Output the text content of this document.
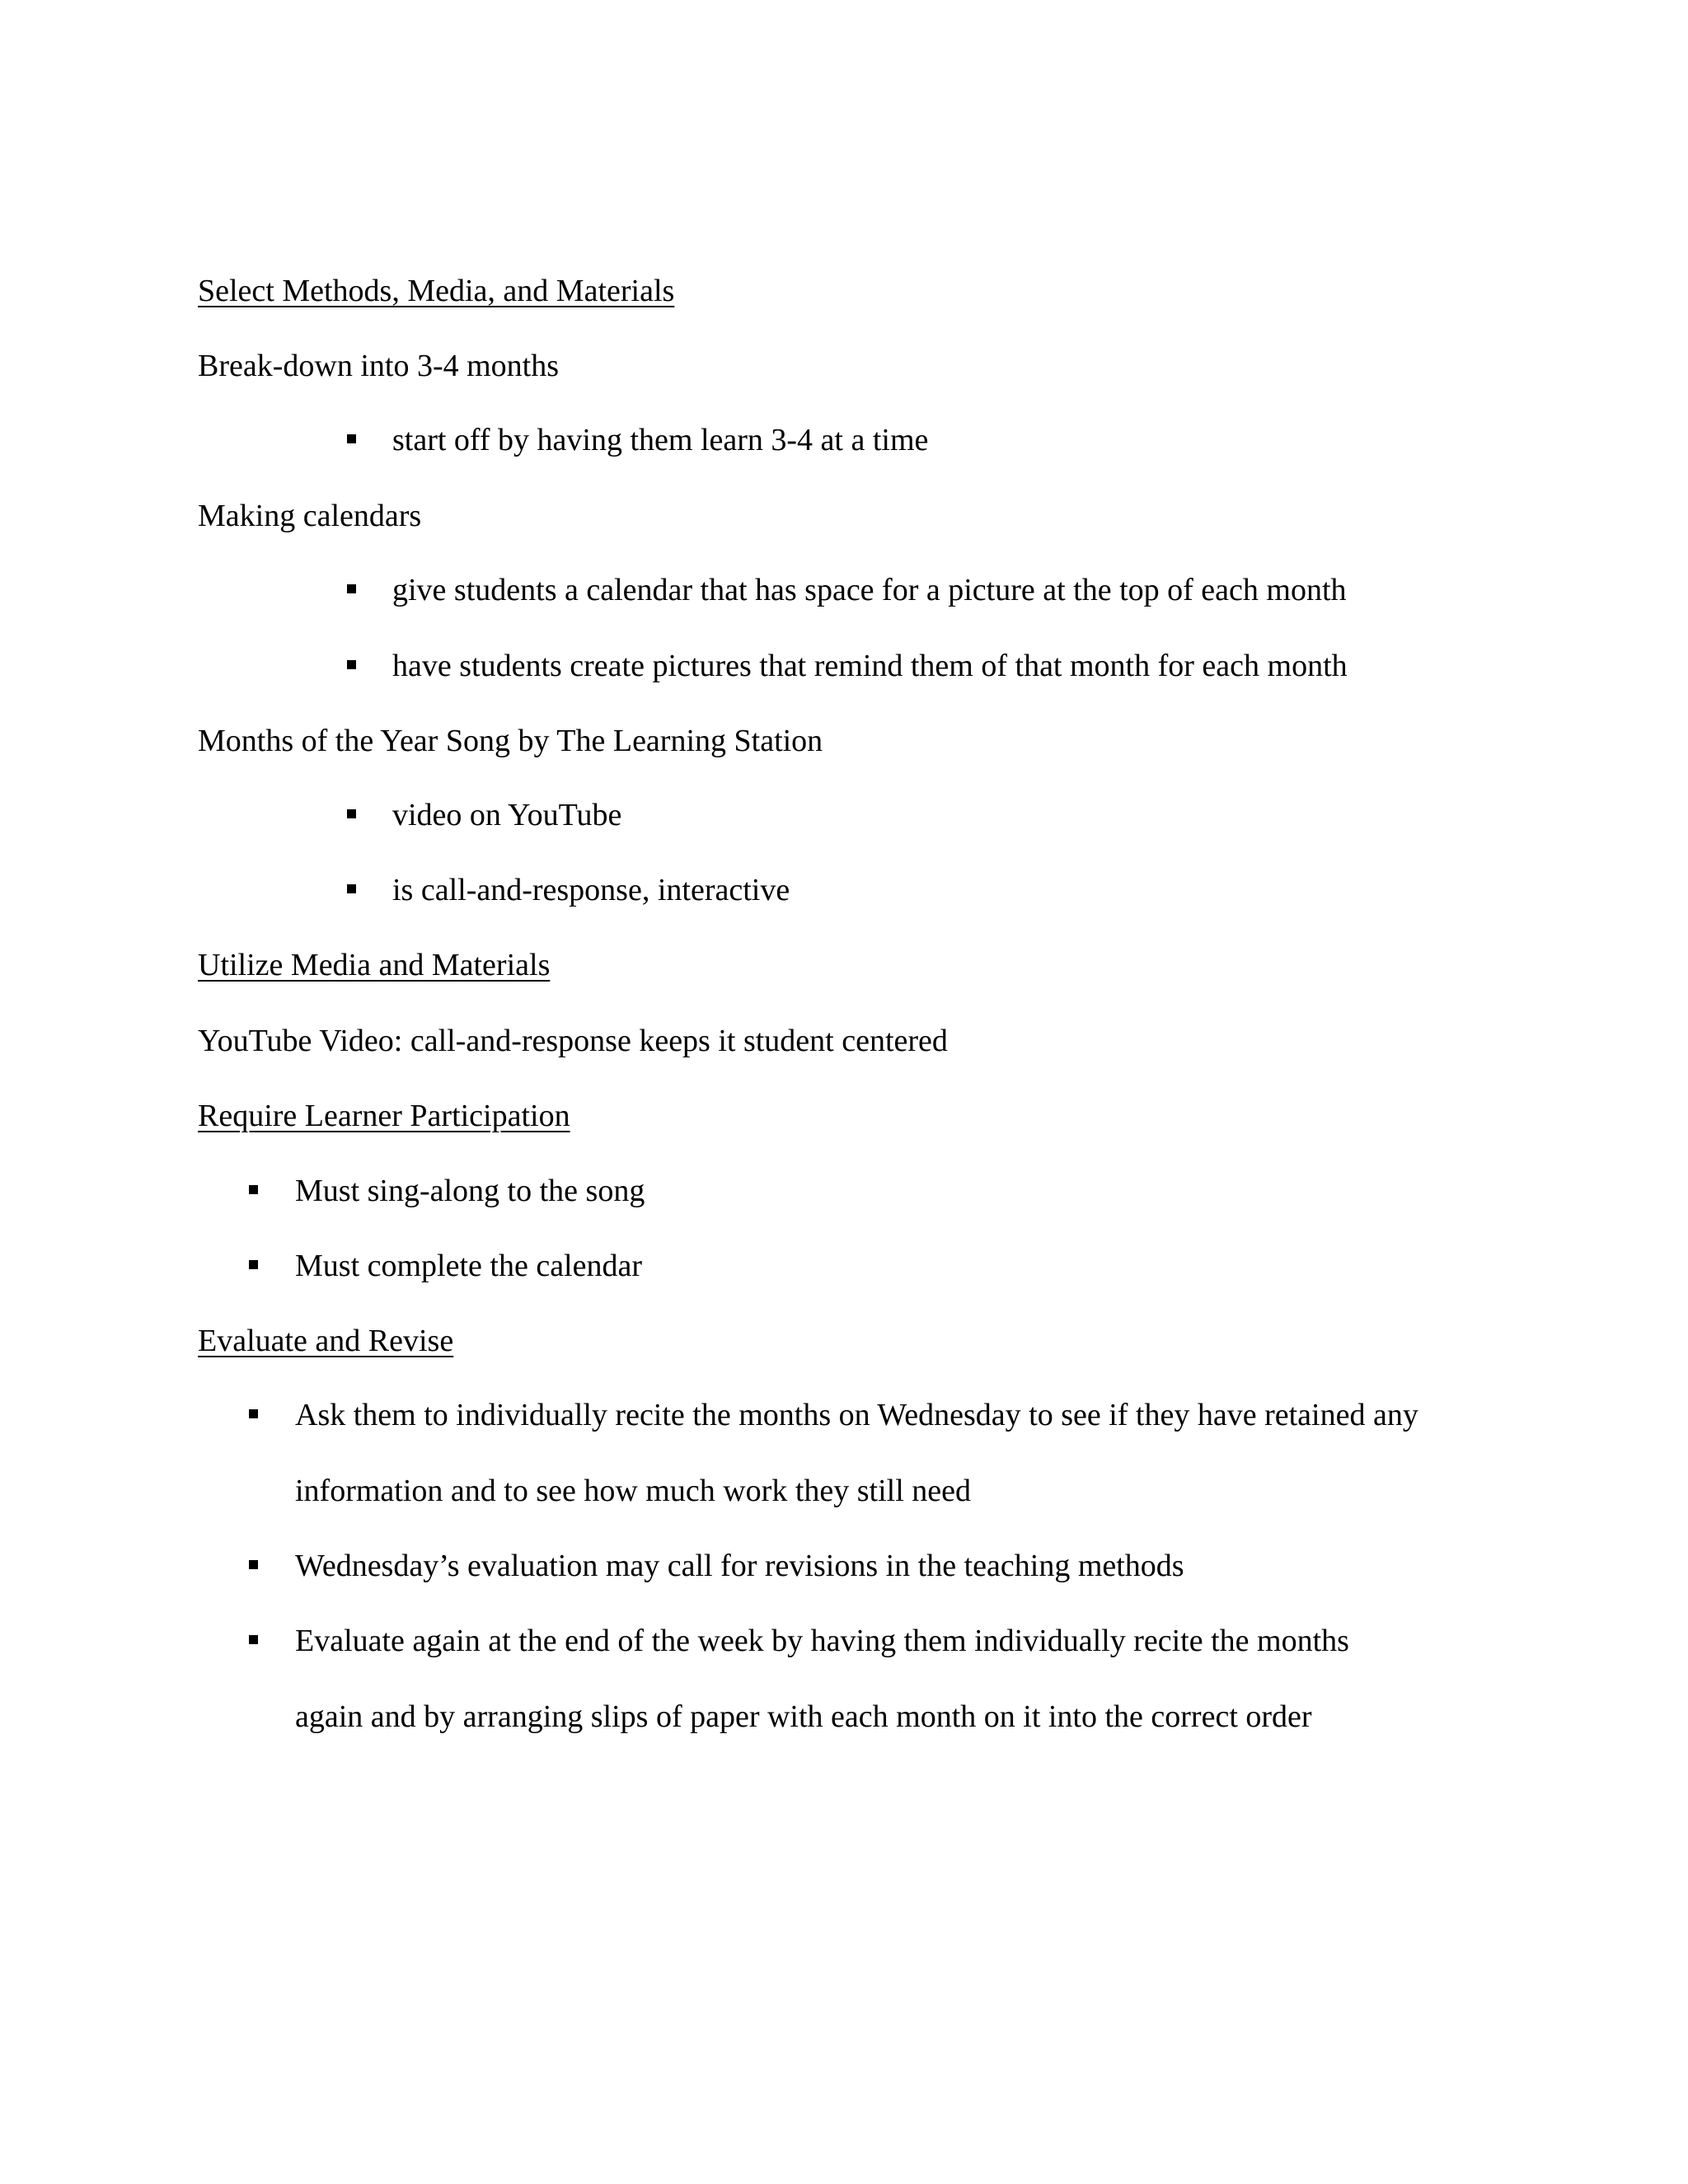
Select Methods, Media, and Materials
Break-down into 3-4 months
start off by having them learn 3-4 at a time
Making calendars
give students a calendar that has space for a picture at the top of each month
have students create pictures that remind them of that month for each month
Months of the Year Song by The Learning Station
video on YouTube
is call-and-response, interactive
Utilize Media and Materials
YouTube Video: call-and-response keeps it student centered
Require Learner Participation
Must sing-along to the song
Must complete the calendar
Evaluate and Revise
Ask them to individually recite the months on Wednesday to see if they have retained any
information and to see how much work they still need
Wednesday’s evaluation may call for revisions in the teaching methods
Evaluate again at the end of the week by having them individually recite the months
again and by arranging slips of paper with each month on it into the correct order
